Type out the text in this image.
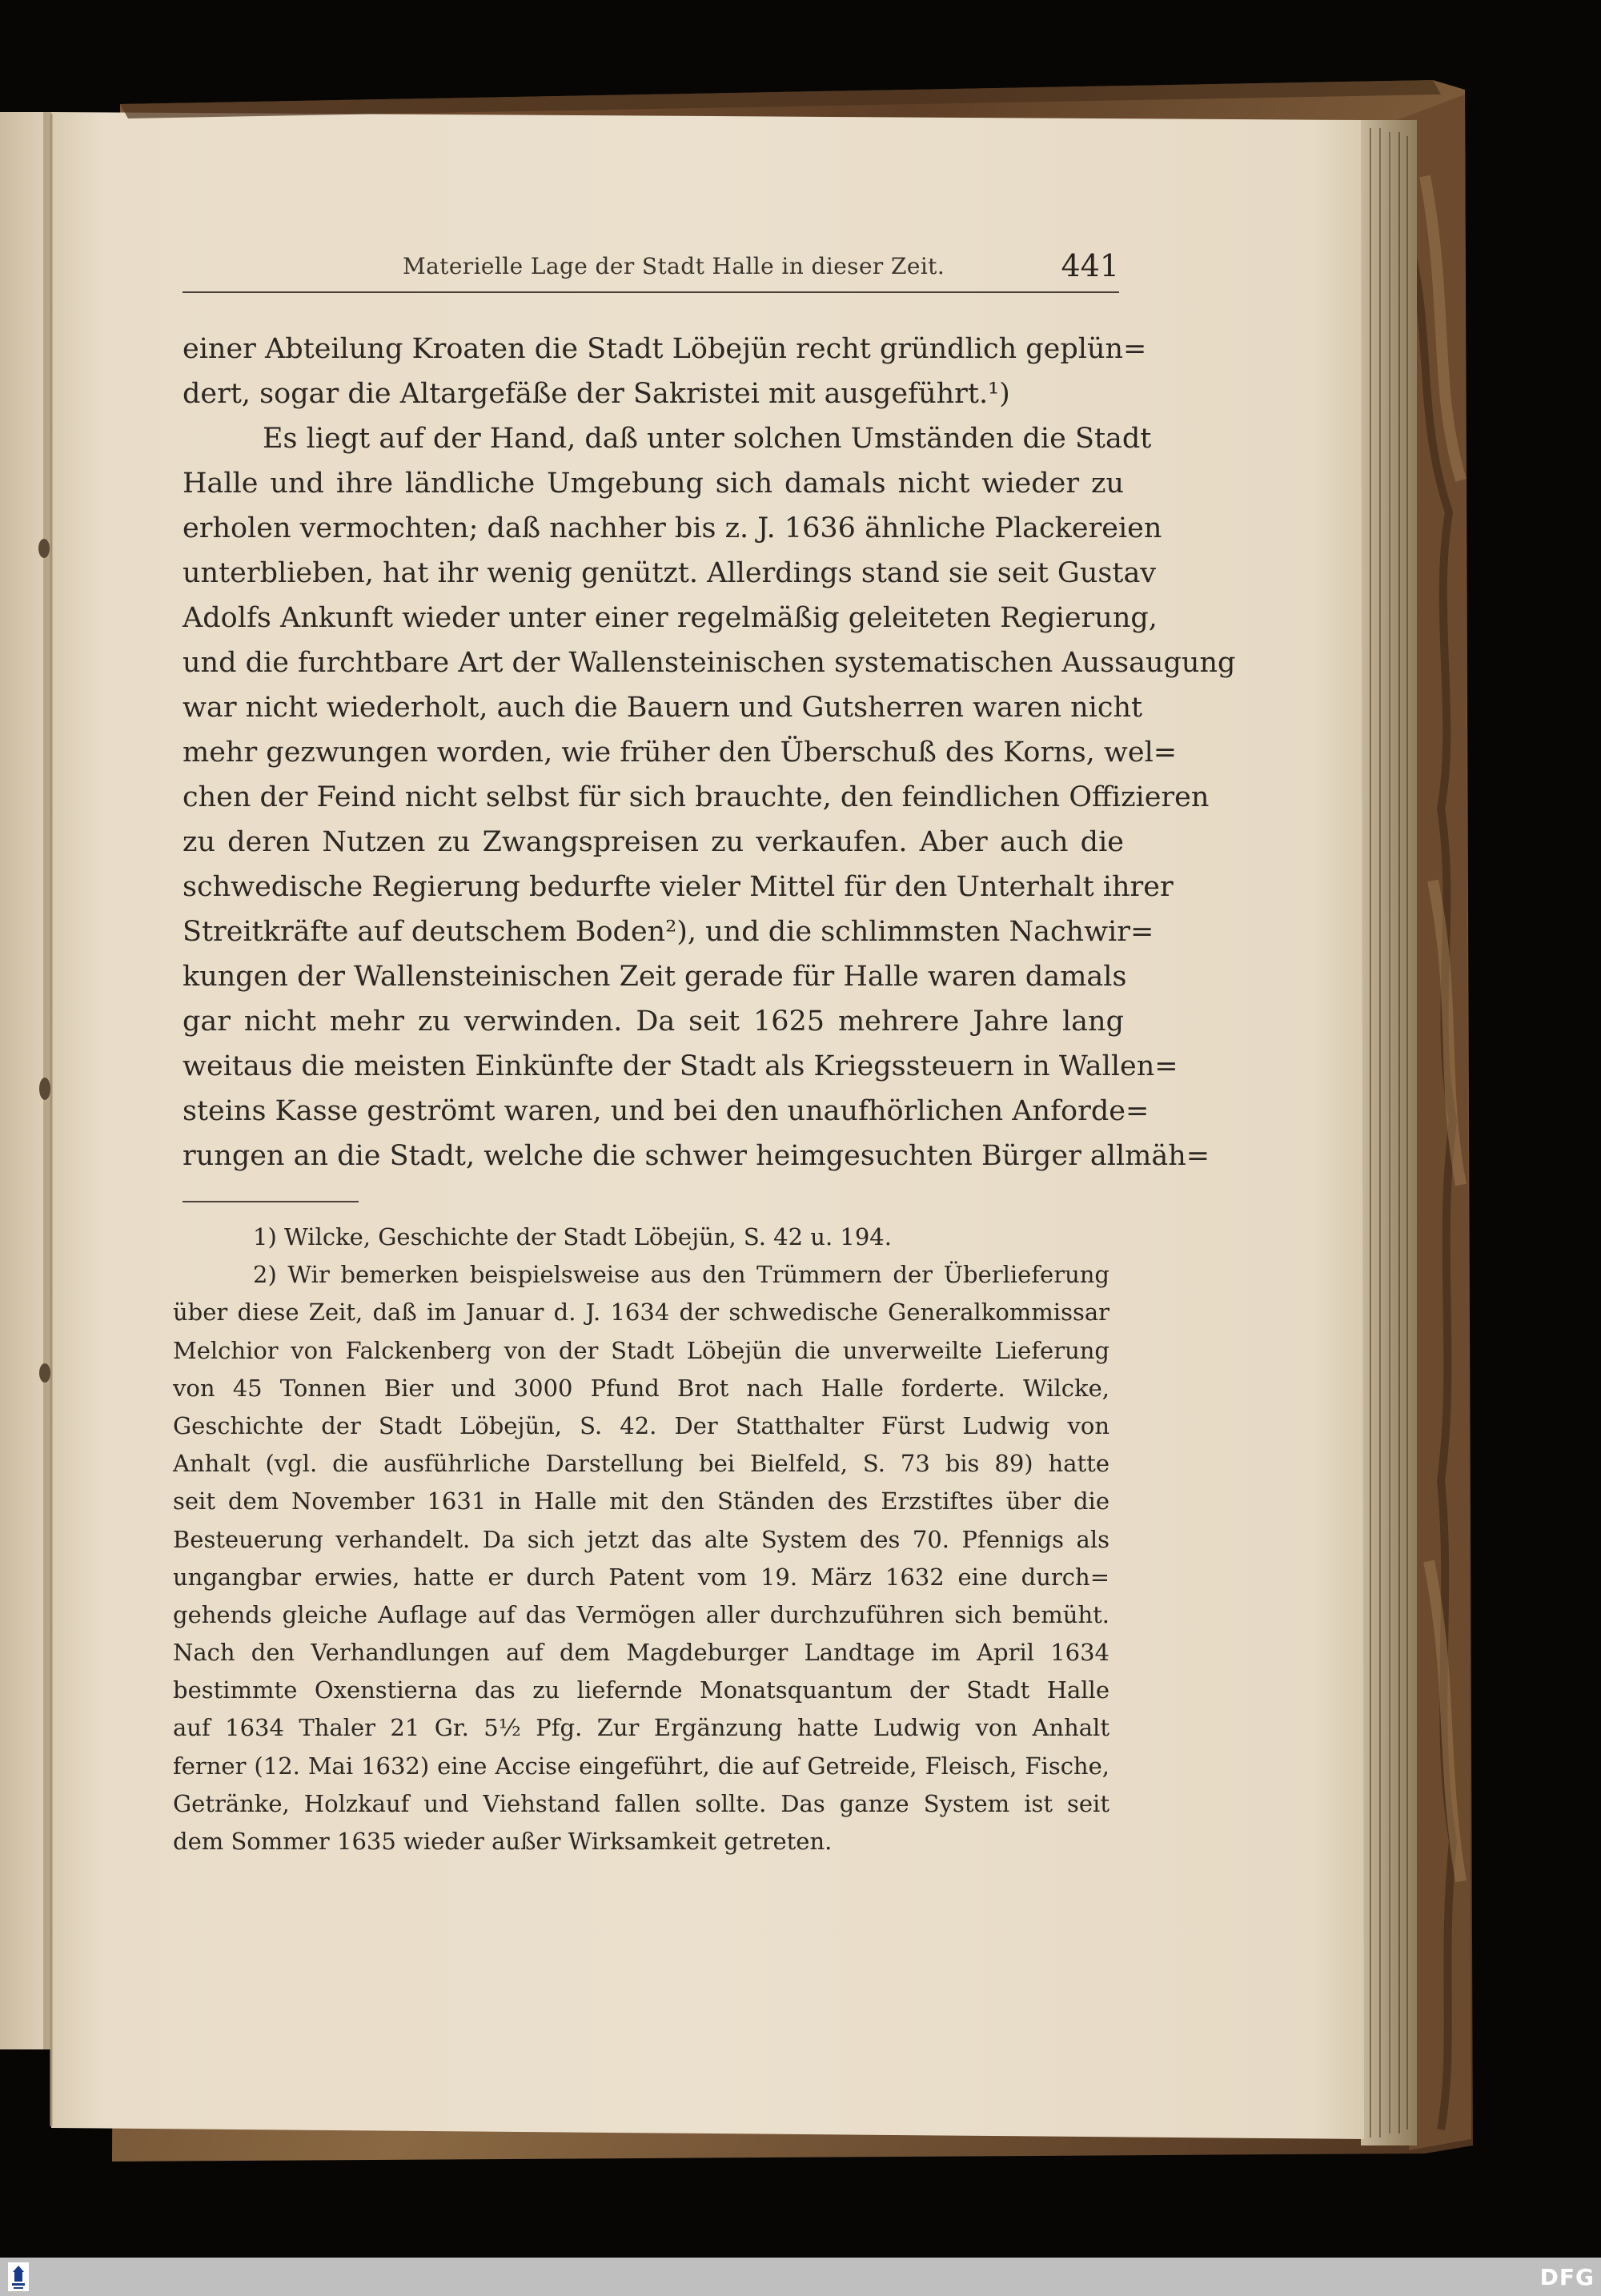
Materielle Lage der Stadt Halle in dieser Zeit.	441
einer Abteilung Kroaten die Stadt Löbejün recht gründlich geplün=
dert, sogar die Altargefäße der Sakristei mit ausgeführt.¹)
Es liegt auf der Hand, daß unter solchen Umständen die Stadt
Halle und ihre ländliche Umgebung sich damals nicht wieder zu
erholen vermochten; daß nachher bis z. J. 1636 ähnliche Plackereien
unterblieben, hat ihr wenig genützt. Allerdings stand sie seit Gustav
Adolfs Ankunft wieder unter einer regelmäßig geleiteten Regierung,
und die furchtbare Art der Wallensteinischen systematischen Aussaugung
war nicht wiederholt, auch die Bauern und Gutsherren waren nicht
mehr gezwungen worden, wie früher den Überschuß des Korns, wel=
chen der Feind nicht selbst für sich brauchte, den feindlichen Offizieren
zu deren Nutzen zu Zwangspreisen zu verkaufen. Aber auch die
schwedische Regierung bedurfte vieler Mittel für den Unterhalt ihrer
Streitkräfte auf deutschem Boden²), und die schlimmsten Nachwir=
kungen der Wallensteinischen Zeit gerade für Halle waren damals
gar nicht mehr zu verwinden. Da seit 1625 mehrere Jahre lang
weitaus die meisten Einkünfte der Stadt als Kriegssteuern in Wallen=
steins Kasse geströmt waren, und bei den unaufhörlichen Anforde=
rungen an die Stadt, welche die schwer heimgesuchten Bürger allmäh=
1) Wilcke, Geschichte der Stadt Löbejün, S. 42 u. 194.
2) Wir bemerken beispielsweise aus den Trümmern der Überlieferung
über diese Zeit, daß im Januar d. J. 1634 der schwedische Generalkommissar
Melchior von Falckenberg von der Stadt Löbejün die unverweilte Lieferung
von 45 Tonnen Bier und 3000 Pfund Brot nach Halle forderte. Wilcke,
Geschichte der Stadt Löbejün, S. 42. Der Statthalter Fürst Ludwig von
Anhalt (vgl. die ausführliche Darstellung bei Bielfeld, S. 73 bis 89) hatte
seit dem November 1631 in Halle mit den Ständen des Erzstiftes über die
Besteuerung verhandelt. Da sich jetzt das alte System des 70. Pfennigs als
ungangbar erwies, hatte er durch Patent vom 19. März 1632 eine durch=
gehends gleiche Auflage auf das Vermögen aller durchzuführen sich bemüht.
Nach den Verhandlungen auf dem Magdeburger Landtage im April 1634
bestimmte Oxenstierna das zu liefernde Monatsquantum der Stadt Halle
auf 1634 Thaler 21 Gr. 5½ Pfg. Zur Ergänzung hatte Ludwig von Anhalt
ferner (12. Mai 1632) eine Accise eingeführt, die auf Getreide, Fleisch, Fische,
Getränke, Holzkauf und Viehstand fallen sollte. Das ganze System ist seit
dem Sommer 1635 wieder außer Wirksamkeit getreten.
DFG
